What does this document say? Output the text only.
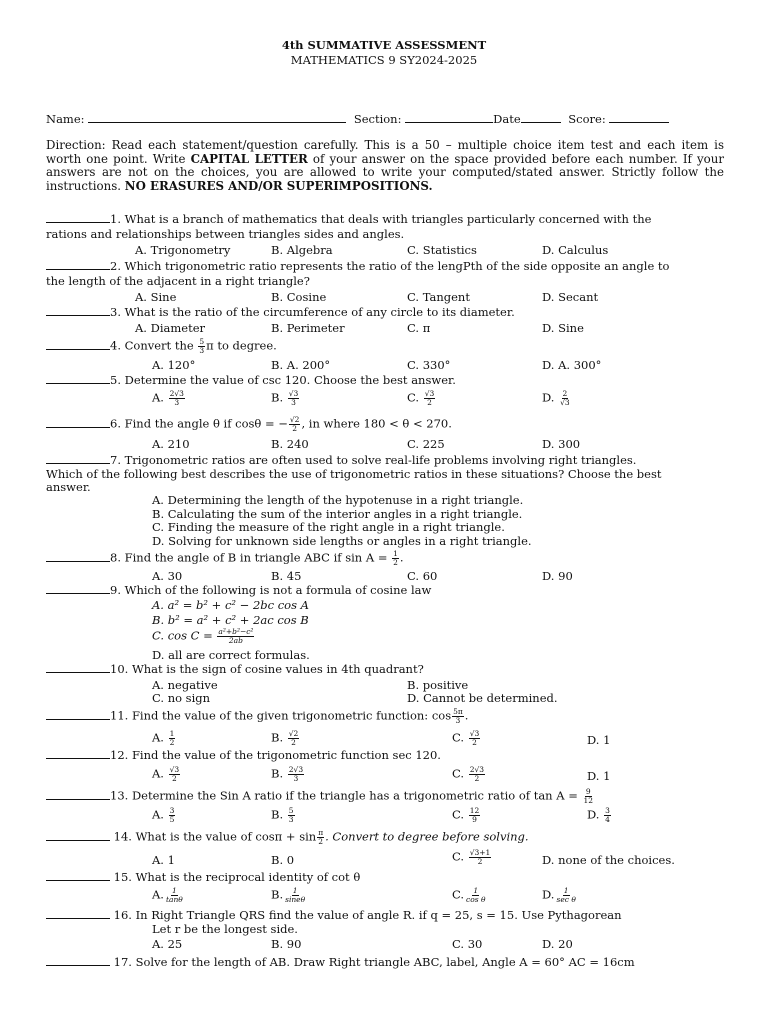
4th SUMMATIVE ASSESSMENT
MATHEMATICS 9 SY2024-2025
Name:	Section:	Date	Score:
Direction: Read each statement/question carefully. This is a 50 – multiple choice item test and each item is worth one point. Write CAPITAL LETTER of your answer on the space provided before each number. If your answers are not on the choices, you are allowed to write your computed/stated answer. Strictly follow the instructions. NO ERASURES AND/OR SUPERIMPOSITIONS.
1. What is a branch of mathematics that deals with triangles particularly concerned with the
rations and relationships between triangles sides and angles.
A. Trigonometry	B. Algebra	C. Statistics	D. Calculus
2. Which trigonometric ratio represents the ratio of the lengPth of the side opposite an angle to
the length of the adjacent in a right triangle?
A. Sine	B. Cosine	C. Tangent	D. Secant
3. What is the ratio of the circumference of any circle to its diameter.
A. Diameter	B. Perimeter	C. π	D. Sine
4. Convert the $\frac{5}{3}$ π to degree.
A. 120°	B. A. 200°	C. 330°	D. A. 300°
5. Determine the value of csc 120. Choose the best answer.
A. $\frac{2√3}{3}$	B. $\frac{√3}{3}$	C. $\frac{√3}{2}$	D. $\frac{2}{√3}$
6. Find the angle θ if cosθ = − $\frac{√2}{2}$ , in where 180 < θ < 270.
A. 210	B. 240	C. 225	D. 300
7. Trigonometric ratios are often used to solve real-life problems involving right triangles.
Which of the following best describes the use of trigonometric ratios in these situations? Choose the best
answer.
A. Determining the length of the hypotenuse in a right triangle.
B. Calculating the sum of the interior angles in a right triangle.
C. Finding the measure of the right angle in a right triangle.
D. Solving for unknown side lengths or angles in a right triangle.
8. Find the angle of B in triangle ABC if $\sin A = \frac{1}{2}$ .
A. 30	B. 45	C. 60	D. 90
9. Which of the following is not a formula of cosine law
A. a² = b² + c² − 2bc cos A
B. b² = a² + c² + 2ac cos B
C. $\cos C = \frac{\text{a²+b²−c²}}{2ab}$
D. all are correct formulas.
10. What is the sign of cosine values in 4th quadrant?
A. negative	B. positive
C. no sign	D. Cannot be determined.
11. Find the value of the given trigonometric function: $\cos \frac{5\pi}{3}$ .
A. $\frac{1}{2}$	B. $\frac{√2}{2}$	C. $\frac{√3}{2}$	D. 1
12. Find the value of the trigonometric function sec 120.
A. $\frac{√3}{2}$	B. $\frac{2√3}{3}$	C. $\frac{2√3}{2}$	D. 1
13. Determine the Sin A ratio if the triangle has a trigonometric ratio of $\tan A = \frac{9}{12}$
A. $\frac{3}{5}$	B. $\frac{5}{3}$	C. $\frac{12}{9}$	D. $\frac{3}{4}$
14. What is the value of $\cos\pi + \sin \frac{\pi}{2}$ . Convert to degree before solving.
A. 1	B. 0	C. $\frac{√3+1}{2}$	D. none of the choices.
15. What is the reciprocal identity of cot θ
A. $\frac{1}{\tan\theta}$	B. $\frac{1}{\sin e\theta}$	C. $\frac{1}{\text{cos θ}}$	D. $\frac{1}{\text{sec θ}}$
16. In Right Triangle QRS find the value of angle R. if q = 25, s = 15. Use Pythagorean
Let r be the longest side.
A. 25	B. 90	C. 30	D. 20
17. Solve for the length of AB. Draw Right triangle ABC, label, Angle A = 60° AC = 16cm
